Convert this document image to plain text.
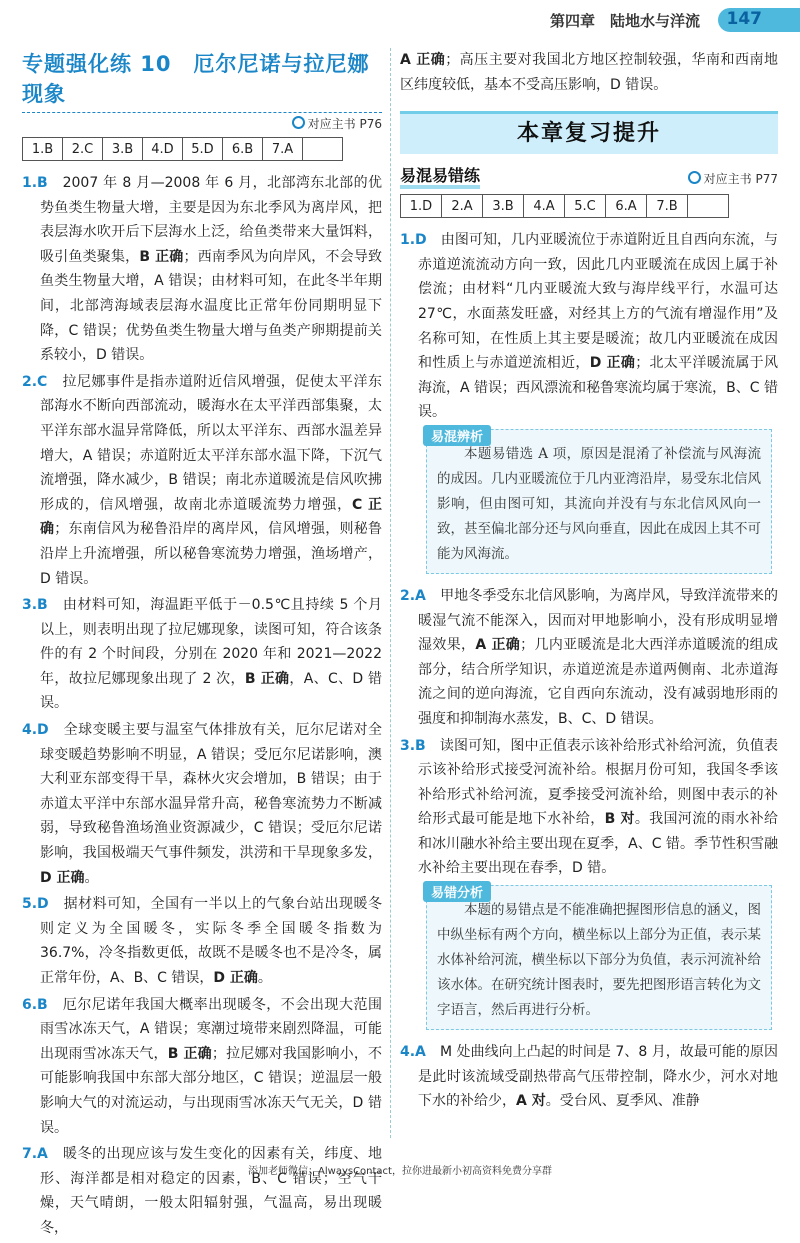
第四章　陆地水与洋流 147
专题强化练 10　厄尔尼诺与拉尼娜现象
对应主书 P76
1.B	2.C	3.B	4.D	5.D	6.B	7.A	
1.B　 2007 年 8 月—2008 年 6 月，北部湾东北部的优势鱼类生物量大增，主要是因为东北季风为离岸风，把表层海水吹开后下层海水上泛，给鱼类带来大量饵料，吸引鱼类聚集，B 正确；西南季风为向岸风，不会导致鱼类生物量大增，A 错误；由材料可知，在此冬半年期间，北部湾海域表层海水温度比正常年份同期明显下降，C 错误；优势鱼类生物量大增与鱼类产卵期提前关系较小，D 错误。
2.C　 拉尼娜事件是指赤道附近信风增强，促使太平洋东部海水不断向西部流动，暖海水在太平洋西部集聚，太平洋东部水温异常降低，所以太平洋东、西部水温差异增大，A 错误；赤道附近太平洋东部水温下降，下沉气流增强，降水减少，B 错误；南北赤道暖流是信风吹拂形成的，信风增强，故南北赤道暖流势力增强，C 正确；东南信风为秘鲁沿岸的离岸风，信风增强，则秘鲁沿岸上升流增强，所以秘鲁寒流势力增强，渔场增产，D 错误。
3.B　 由材料可知，海温距平低于－0.5℃且持续 5 个月以上，则表明出现了拉尼娜现象，读图可知，符合该条件的有 2 个时间段，分别在 2020 年和 2021—2022 年，故拉尼娜现象出现了 2 次，B 正确，A、C、D 错误。
4.D　 全球变暖主要与温室气体排放有关，厄尔尼诺对全球变暖趋势影响不明显，A 错误；受厄尔尼诺影响，澳大利亚东部变得干旱，森林火灾会增加，B 错误；由于赤道太平洋中东部水温异常升高，秘鲁寒流势力不断减弱，导致秘鲁渔场渔业资源减少，C 错误；受厄尔尼诺影响，我国极端天气事件频发，洪涝和干旱现象多发，D 正确。
5.D　 据材料可知，全国有一半以上的气象台站出现暖冬则定义为全国暖冬，实际冬季全国暖冬指数为 36.7%，冷冬指数更低，故既不是暖冬也不是冷冬，属正常年份，A、B、C 错误，D 正确。
6.B　 厄尔尼诺年我国大概率出现暖冬，不会出现大范围雨雪冰冻天气，A 错误；寒潮过境带来剧烈降温，可能出现雨雪冰冻天气，B 正确；拉尼娜对我国影响小，不可能影响我国中东部大部分地区，C 错误；逆温层一般影响大气的对流运动，与出现雨雪冰冻天气无关，D 错误。
7.A　 暖冬的出现应该与发生变化的因素有关，纬度、地形、海洋都是相对稳定的因素，B、C 错误；空气干燥，天气晴朗，一般太阳辐射强，气温高，易出现暖冬，
A 正确；高压主要对我国北方地区控制较强，华南和西南地区纬度较低，基本不受高压影响，D 错误。
本章复习提升
易混易错练	对应主书 P77
1.D	2.A	3.B	4.A	5.C	6.A	7.B	
1.D　 由图可知，几内亚暖流位于赤道附近且自西向东流，与赤道逆流流动方向一致，因此几内亚暖流在成因上属于补偿流；由材料“几内亚暖流大致与海岸线平行，水温可达 27℃，水面蒸发旺盛，对经其上方的气流有增湿作用”及名称可知，在性质上其主要是暖流；故几内亚暖流在成因和性质上与赤道逆流相近，D 正确；北太平洋暖流属于风海流，A 错误；西风漂流和秘鲁寒流均属于寒流，B、C 错误。
易混辨析
本题易错选 A 项，原因是混淆了补偿流与风海流的成因。几内亚暖流位于几内亚湾沿岸，易受东北信风影响，但由图可知，其流向并没有与东北信风风向一致，甚至偏北部分还与风向垂直，因此在成因上其不可能为风海流。
2.A　 甲地冬季受东北信风影响，为离岸风，导致洋流带来的暖湿气流不能深入，因而对甲地影响小，没有形成明显增湿效果，A 正确；几内亚暖流是北大西洋赤道暖流的组成部分，结合所学知识，赤道逆流是赤道两侧南、北赤道海流之间的逆向海流，它自西向东流动，没有减弱地形雨的强度和抑制海水蒸发，B、C、D 错误。
3.B　 读图可知，图中正值表示该补给形式补给河流，负值表示该补给形式接受河流补给。根据月份可知，我国冬季该补给形式补给河流，夏季接受河流补给，则图中表示的补给形式最可能是地下水补给，B 对。我国河流的雨水补给和冰川融水补给主要出现在夏季，A、C 错。季节性积雪融水补给主要出现在春季，D 错。
易错分析
本题的易错点是不能准确把握图形信息的涵义，图中纵坐标有两个方向，横坐标以上部分为正值，表示某水体补给河流，横坐标以下部分为负值，表示河流补给该水体。在研究统计图表时，要先把图形语言转化为文字语言，然后再进行分析。
4.A　 M 处曲线向上凸起的时间是 7、8 月，故最可能的原因是此时该流域受副热带高气压带控制，降水少，河水对地下水的补给少，A 对。受台风、夏季风、准静
添加老师微信：AlwaysContact，拉你进最新小初高资料免费分享群
